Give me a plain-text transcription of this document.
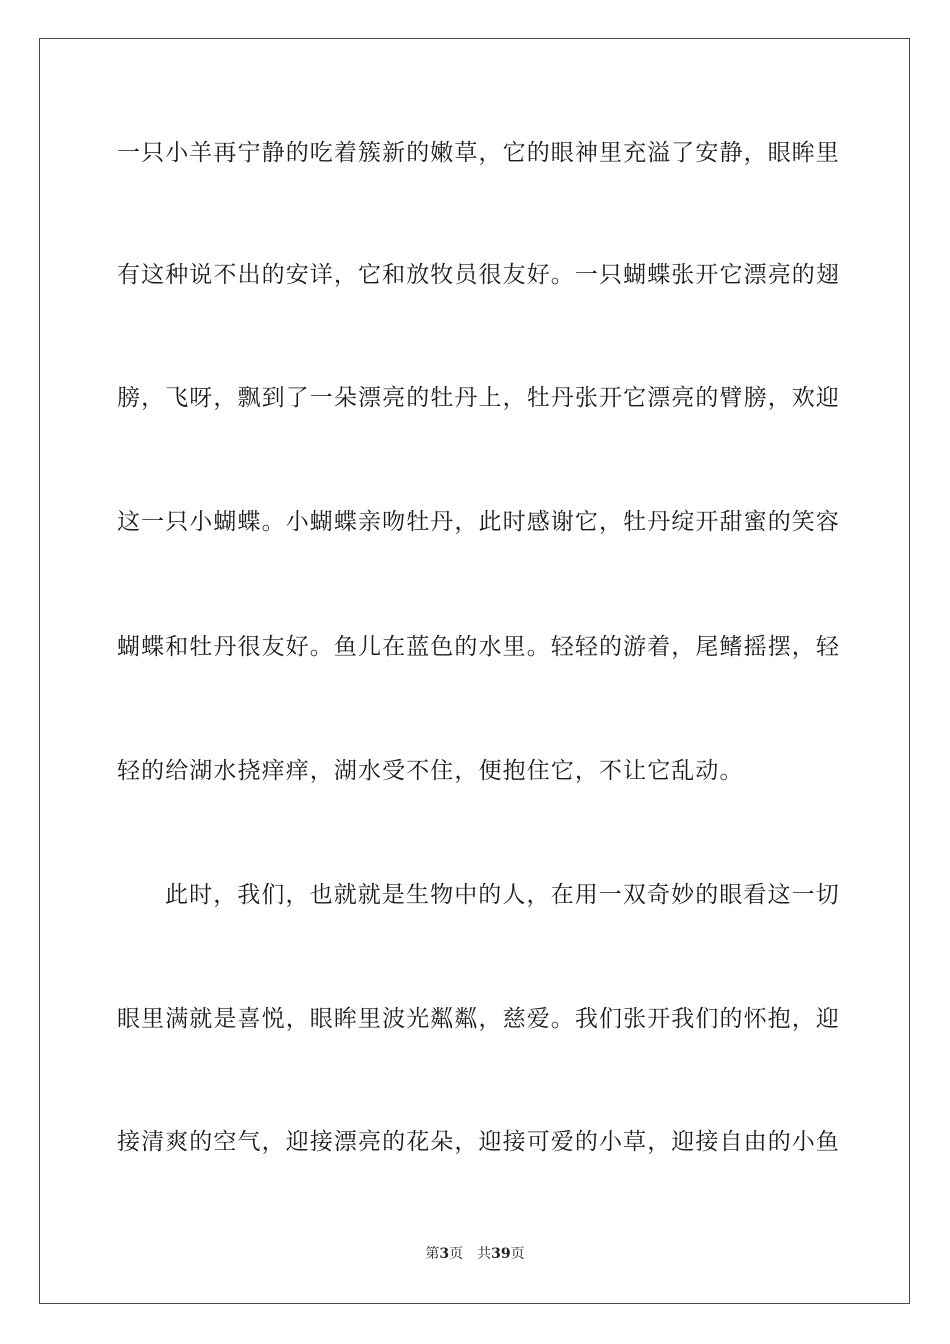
一只小羊再宁静的吃着簇新的嫩草，它的眼神里充溢了安静，眼眸里
有这种说不出的安详，它和放牧员很友好。一只蝴蝶张开它漂亮的翅
膀，飞呀，飘到了一朵漂亮的牡丹上，牡丹张开它漂亮的臂膀，欢迎
这一只小蝴蝶。小蝴蝶亲吻牡丹，此时感谢它，牡丹绽开甜蜜的笑容
蝴蝶和牡丹很友好。鱼儿在蓝色的水里。轻轻的游着，尾鳍摇摆，轻
轻的给湖水挠痒痒，湖水受不住，便抱住它，不让它乱动。
此时，我们，也就就是生物中的人，在用一双奇妙的眼看这一切
眼里满就是喜悦，眼眸里波光粼粼，慈爱。我们张开我们的怀抱，迎
接清爽的空气，迎接漂亮的花朵，迎接可爱的小草，迎接自由的小鱼
第3页 共39页
